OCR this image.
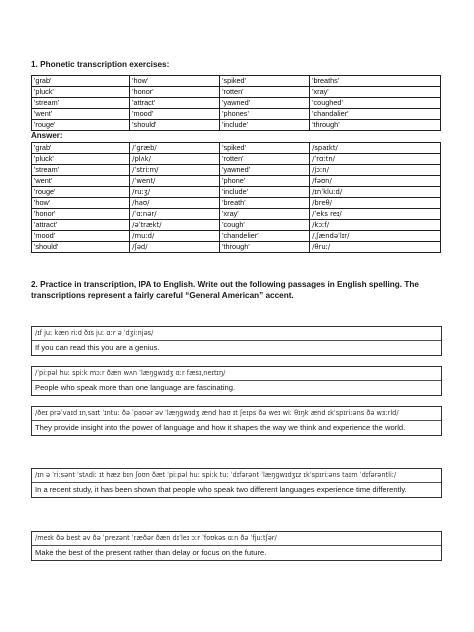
1. Phonetic transcription exercises:
'grab'	'how'	'spiked'	'breaths'
'pluck'	'honor'	'rotten'	'xray'
'stream'	'attract'	'yawned'	'coughed'
'went'	'mood'	'phones'	'chandalier'
'rouge'	'should'	'include'	'through'
Answer:
'grab'	/ˈɡræb/	'spiked'	/spaɪkt/
'pluck'	/plʌk/	'rotten'	/ˈrɑːtn/
'stream'	/ˈstriːm/	'yawned'	/jɔːn/
'went'	/ˈwent/	'phone'	/fəʊn/
'rouge'	/ruːʒ/	'include'	/ɪnˈkluːd/
'how'	/haʊ/	'breath'	/breθ/
'honor'	/ˈɑːnər/	'xray'	/ˈeks reɪ/
'attract'	/əˈtrækt/	'cough'	/kɔːf/
'mood'	/muːd/	'chandelier'	/ˌʃændəˈlɪr/
'should'	/ʃəd/	'through'	/θruː/
2. Practice in transcription, IPA to English. Write out the following passages in English spelling. The transcriptions represent a fairly careful “General American” accent.
/ɪf juː kæn riːd ðɪs juː ɑːr ə ˈdʒiːnjəs/
If you can read this you are a genius.
/ˈpiːpəl huː spiːk mɔːr ðæn wʌn ˈlæŋɡwɪdʒ ɑːr fæsɪˌneɪtɪŋ/
People who speak more than one language are fascinating.
/ðeɪ prəˈvaɪd ɪnˌsaɪt ˈɪntuː ðə ˈpaʊər əv ˈlæŋɡwɪdʒ ænd haʊ ɪt ʃeɪps ðə weɪ wiː θɪŋk ænd ɪkˈspɪriːəns ðə wɜːrld/
They provide insight into the power of language and how it shapes the way we think and experience the world.
/ɪn ə ˈriːsənt ˈstʌdiː ɪt hæz bɪn ʃoʊn ðæt ˈpiːpəl huː spiːk tuː ˈdɪfərənt ˈlæŋɡwɪdʒɪz ɪkˈspɪriːəns taɪm ˈdɪfərəntliː/
In a recent study, it has been shown that people who speak two different languages experience time differently.
/meɪk ðə best əv ðə ˈprezənt ˈræðər ðæn dɪˈleɪ ɔːr ˈfoʊkəs ɑːn ðə ˈfjuːtʃər/
Make the best of the present rather than delay or focus on the future.
